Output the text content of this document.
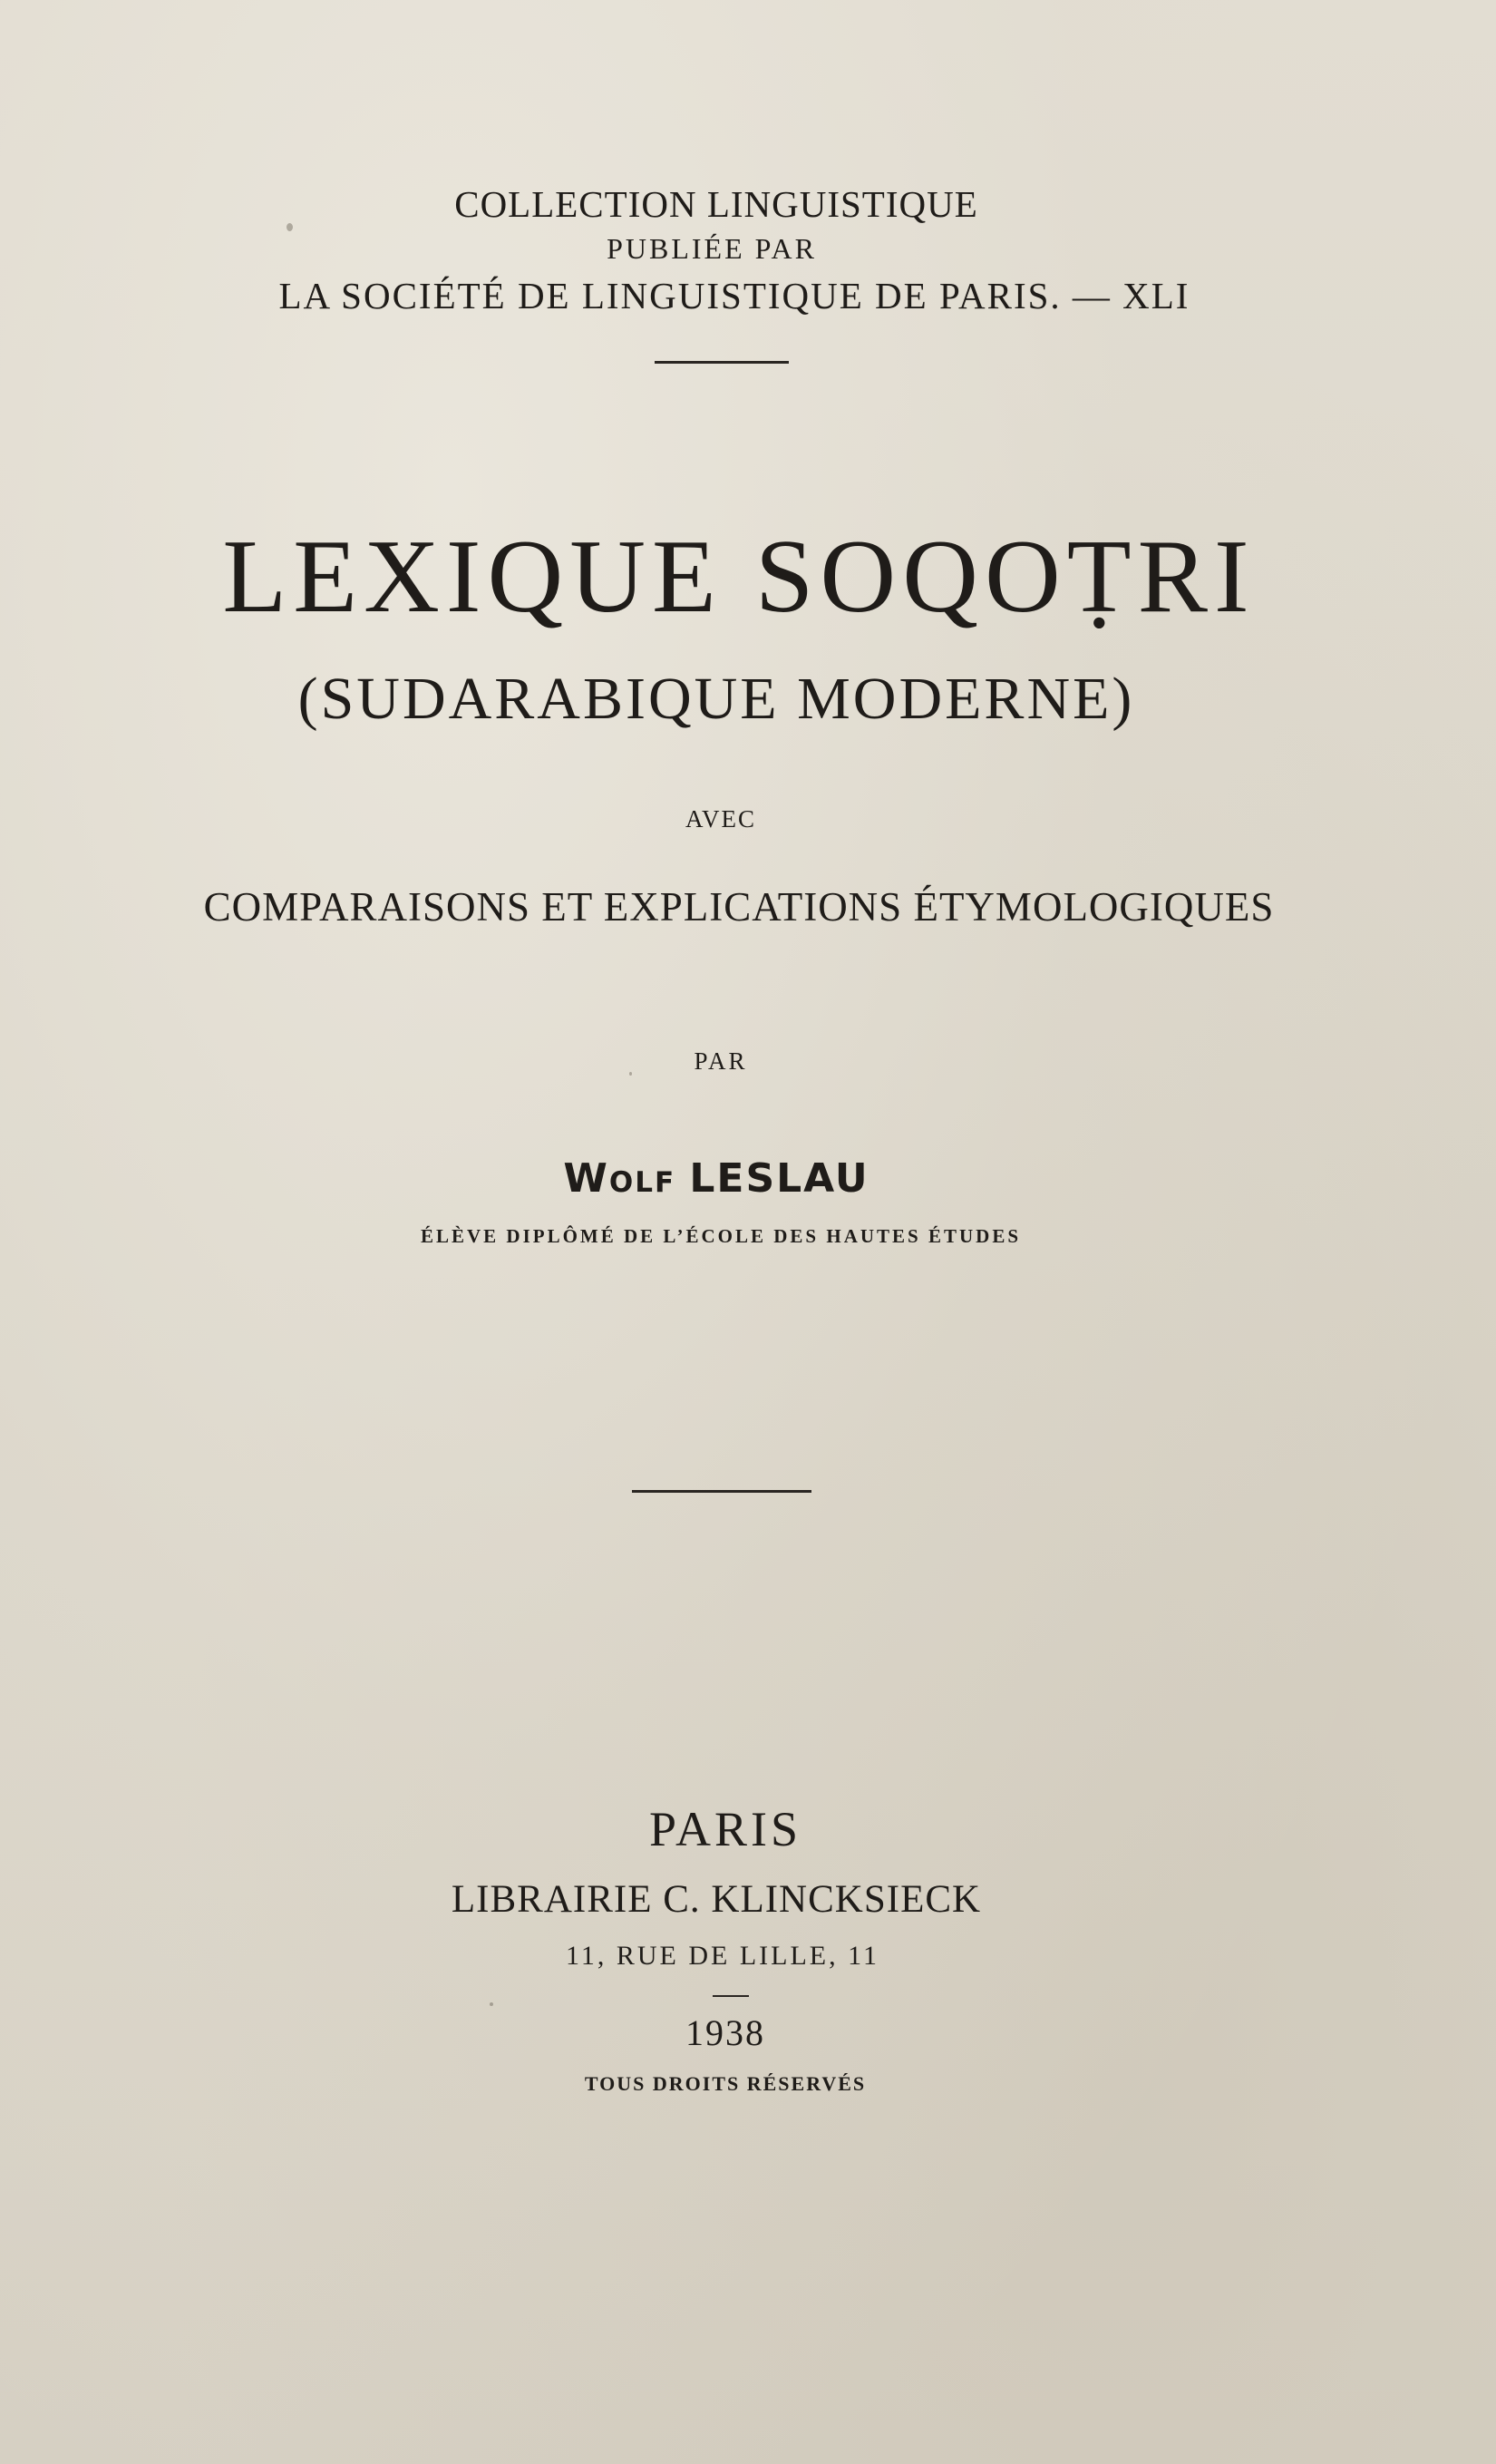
COLLECTION LINGUISTIQUE
PUBLIÉE PAR
LA SOCIÉTÉ DE LINGUISTIQUE DE PARIS. — XLI
LEXIQUE SOQOṬRI
(SUDARABIQUE MODERNE)
AVEC
COMPARAISONS ET EXPLICATIONS ÉTYMOLOGIQUES
PAR
WOLF LESLAU
ÉLÈVE DIPLÔMÉ DE L’ÉCOLE DES HAUTES ÉTUDES
PARIS
LIBRAIRIE C. KLINCKSIECK
11, RUE DE LILLE, 11
1938
TOUS DROITS RÉSERVÉS
